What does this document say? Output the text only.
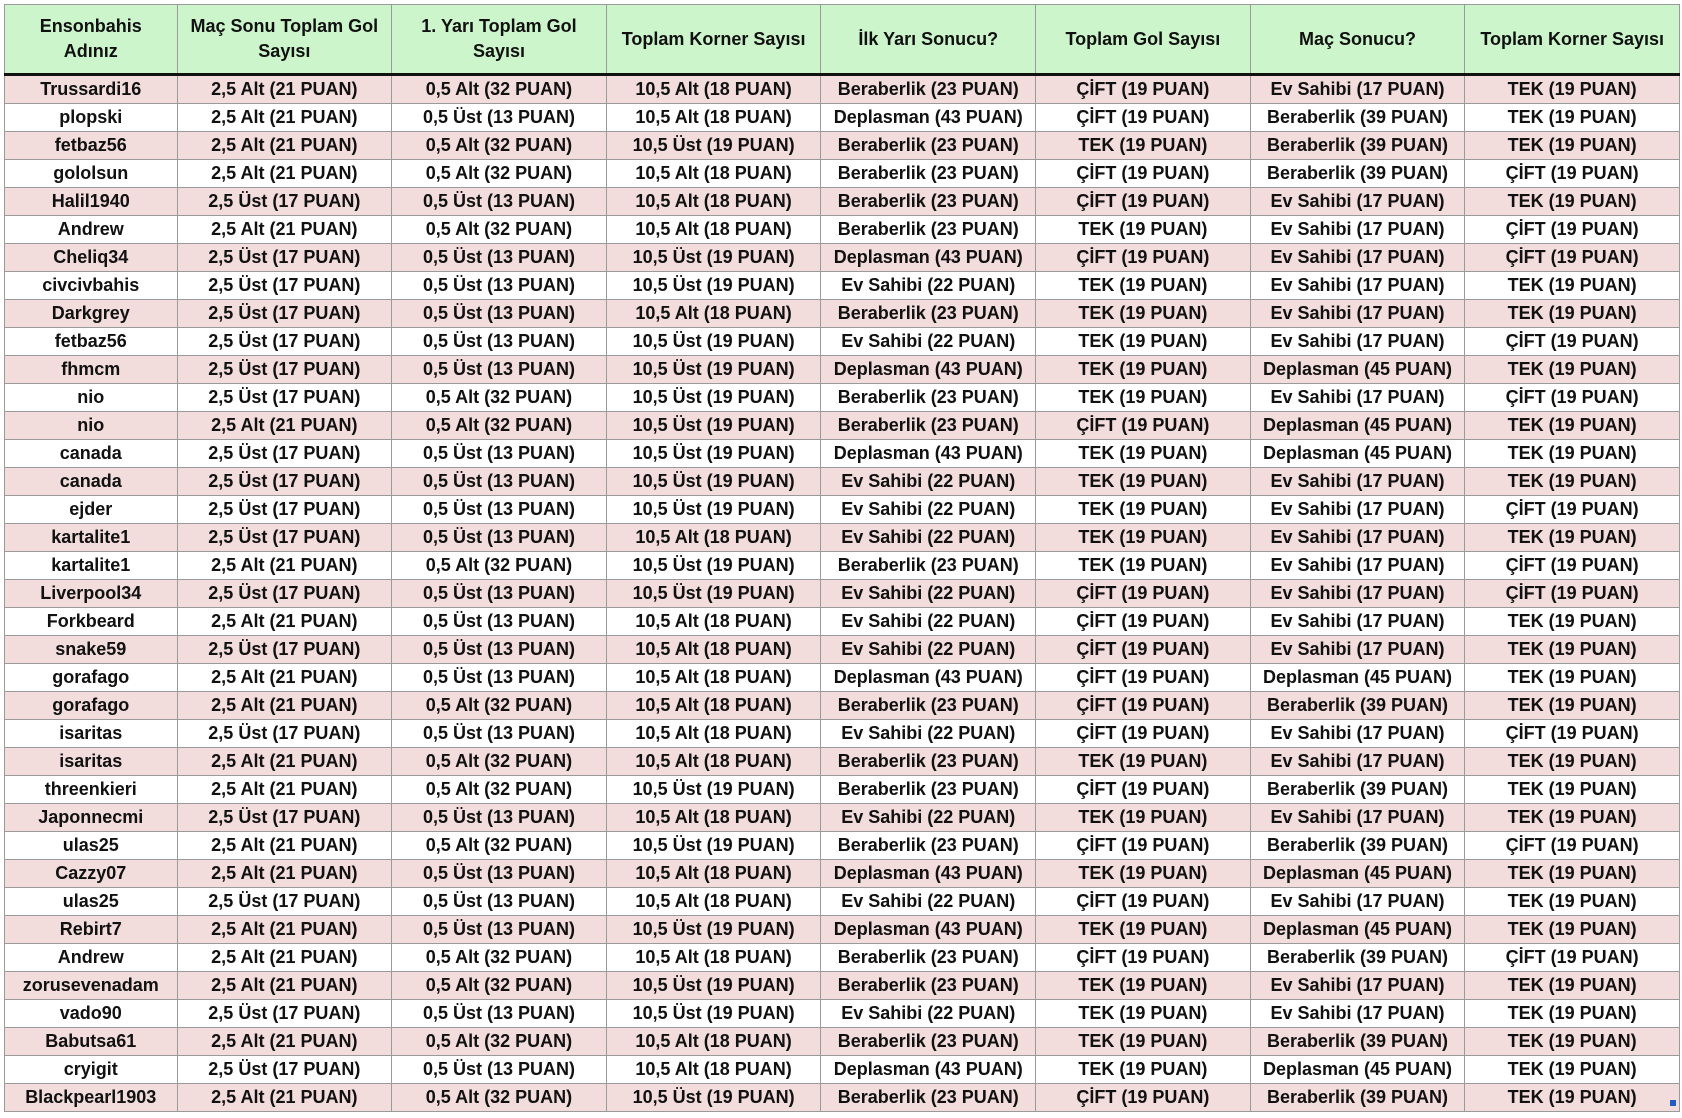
Ensonbahis Adınız	Maç Sonu Toplam Gol Sayısı	1. Yarı Toplam Gol Sayısı	Toplam Korner Sayısı	İlk Yarı Sonucu?	Toplam Gol Sayısı	Maç Sonucu?	Toplam Korner Sayısı
Trussardi16	2,5 Alt (21 PUAN)	0,5 Alt (32 PUAN)	10,5 Alt (18 PUAN)	Beraberlik (23 PUAN)	ÇİFT (19 PUAN)	Ev Sahibi (17 PUAN)	TEK (19 PUAN)
plopski	2,5 Alt (21 PUAN)	0,5 Üst (13 PUAN)	10,5 Alt (18 PUAN)	Deplasman (43 PUAN)	ÇİFT (19 PUAN)	Beraberlik (39 PUAN)	TEK (19 PUAN)
fetbaz56	2,5 Alt (21 PUAN)	0,5 Alt (32 PUAN)	10,5 Üst (19 PUAN)	Beraberlik (23 PUAN)	TEK (19 PUAN)	Beraberlik (39 PUAN)	TEK (19 PUAN)
gololsun	2,5 Alt (21 PUAN)	0,5 Alt (32 PUAN)	10,5 Alt (18 PUAN)	Beraberlik (23 PUAN)	ÇİFT (19 PUAN)	Beraberlik (39 PUAN)	ÇİFT (19 PUAN)
Halil1940	2,5 Üst (17 PUAN)	0,5 Üst (13 PUAN)	10,5 Alt (18 PUAN)	Beraberlik (23 PUAN)	ÇİFT (19 PUAN)	Ev Sahibi (17 PUAN)	TEK (19 PUAN)
Andrew	2,5 Alt (21 PUAN)	0,5 Alt (32 PUAN)	10,5 Alt (18 PUAN)	Beraberlik (23 PUAN)	TEK (19 PUAN)	Ev Sahibi (17 PUAN)	ÇİFT (19 PUAN)
Cheliq34	2,5 Üst (17 PUAN)	0,5 Üst (13 PUAN)	10,5 Üst (19 PUAN)	Deplasman (43 PUAN)	ÇİFT (19 PUAN)	Ev Sahibi (17 PUAN)	ÇİFT (19 PUAN)
civcivbahis	2,5 Üst (17 PUAN)	0,5 Üst (13 PUAN)	10,5 Üst (19 PUAN)	Ev Sahibi (22 PUAN)	TEK (19 PUAN)	Ev Sahibi (17 PUAN)	TEK (19 PUAN)
Darkgrey	2,5 Üst (17 PUAN)	0,5 Üst (13 PUAN)	10,5 Alt (18 PUAN)	Beraberlik (23 PUAN)	TEK (19 PUAN)	Ev Sahibi (17 PUAN)	TEK (19 PUAN)
fetbaz56	2,5 Üst (17 PUAN)	0,5 Üst (13 PUAN)	10,5 Üst (19 PUAN)	Ev Sahibi (22 PUAN)	TEK (19 PUAN)	Ev Sahibi (17 PUAN)	ÇİFT (19 PUAN)
fhmcm	2,5 Üst (17 PUAN)	0,5 Üst (13 PUAN)	10,5 Üst (19 PUAN)	Deplasman (43 PUAN)	TEK (19 PUAN)	Deplasman (45 PUAN)	TEK (19 PUAN)
nio	2,5 Üst (17 PUAN)	0,5 Alt (32 PUAN)	10,5 Üst (19 PUAN)	Beraberlik (23 PUAN)	TEK (19 PUAN)	Ev Sahibi (17 PUAN)	ÇİFT (19 PUAN)
nio	2,5 Alt (21 PUAN)	0,5 Alt (32 PUAN)	10,5 Üst (19 PUAN)	Beraberlik (23 PUAN)	ÇİFT (19 PUAN)	Deplasman (45 PUAN)	TEK (19 PUAN)
canada	2,5 Üst (17 PUAN)	0,5 Üst (13 PUAN)	10,5 Üst (19 PUAN)	Deplasman (43 PUAN)	TEK (19 PUAN)	Deplasman (45 PUAN)	TEK (19 PUAN)
canada	2,5 Üst (17 PUAN)	0,5 Üst (13 PUAN)	10,5 Üst (19 PUAN)	Ev Sahibi (22 PUAN)	TEK (19 PUAN)	Ev Sahibi (17 PUAN)	TEK (19 PUAN)
ejder	2,5 Üst (17 PUAN)	0,5 Üst (13 PUAN)	10,5 Üst (19 PUAN)	Ev Sahibi (22 PUAN)	TEK (19 PUAN)	Ev Sahibi (17 PUAN)	ÇİFT (19 PUAN)
kartalite1	2,5 Üst (17 PUAN)	0,5 Üst (13 PUAN)	10,5 Alt (18 PUAN)	Ev Sahibi (22 PUAN)	TEK (19 PUAN)	Ev Sahibi (17 PUAN)	TEK (19 PUAN)
kartalite1	2,5 Alt (21 PUAN)	0,5 Alt (32 PUAN)	10,5 Üst (19 PUAN)	Beraberlik (23 PUAN)	TEK (19 PUAN)	Ev Sahibi (17 PUAN)	ÇİFT (19 PUAN)
Liverpool34	2,5 Üst (17 PUAN)	0,5 Üst (13 PUAN)	10,5 Üst (19 PUAN)	Ev Sahibi (22 PUAN)	ÇİFT (19 PUAN)	Ev Sahibi (17 PUAN)	ÇİFT (19 PUAN)
Forkbeard	2,5 Alt (21 PUAN)	0,5 Üst (13 PUAN)	10,5 Alt (18 PUAN)	Ev Sahibi (22 PUAN)	ÇİFT (19 PUAN)	Ev Sahibi (17 PUAN)	TEK (19 PUAN)
snake59	2,5 Üst (17 PUAN)	0,5 Üst (13 PUAN)	10,5 Alt (18 PUAN)	Ev Sahibi (22 PUAN)	ÇİFT (19 PUAN)	Ev Sahibi (17 PUAN)	TEK (19 PUAN)
gorafago	2,5 Alt (21 PUAN)	0,5 Üst (13 PUAN)	10,5 Alt (18 PUAN)	Deplasman (43 PUAN)	ÇİFT (19 PUAN)	Deplasman (45 PUAN)	TEK (19 PUAN)
gorafago	2,5 Alt (21 PUAN)	0,5 Alt (32 PUAN)	10,5 Alt (18 PUAN)	Beraberlik (23 PUAN)	ÇİFT (19 PUAN)	Beraberlik (39 PUAN)	TEK (19 PUAN)
isaritas	2,5 Üst (17 PUAN)	0,5 Üst (13 PUAN)	10,5 Alt (18 PUAN)	Ev Sahibi (22 PUAN)	ÇİFT (19 PUAN)	Ev Sahibi (17 PUAN)	ÇİFT (19 PUAN)
isaritas	2,5 Alt (21 PUAN)	0,5 Alt (32 PUAN)	10,5 Alt (18 PUAN)	Beraberlik (23 PUAN)	TEK (19 PUAN)	Ev Sahibi (17 PUAN)	TEK (19 PUAN)
threenkieri	2,5 Alt (21 PUAN)	0,5 Alt (32 PUAN)	10,5 Üst (19 PUAN)	Beraberlik (23 PUAN)	ÇİFT (19 PUAN)	Beraberlik (39 PUAN)	TEK (19 PUAN)
Japonnecmi	2,5 Üst (17 PUAN)	0,5 Üst (13 PUAN)	10,5 Alt (18 PUAN)	Ev Sahibi (22 PUAN)	TEK (19 PUAN)	Ev Sahibi (17 PUAN)	TEK (19 PUAN)
ulas25	2,5 Alt (21 PUAN)	0,5 Alt (32 PUAN)	10,5 Üst (19 PUAN)	Beraberlik (23 PUAN)	ÇİFT (19 PUAN)	Beraberlik (39 PUAN)	ÇİFT (19 PUAN)
Cazzy07	2,5 Alt (21 PUAN)	0,5 Üst (13 PUAN)	10,5 Alt (18 PUAN)	Deplasman (43 PUAN)	TEK (19 PUAN)	Deplasman (45 PUAN)	TEK (19 PUAN)
ulas25	2,5 Üst (17 PUAN)	0,5 Üst (13 PUAN)	10,5 Alt (18 PUAN)	Ev Sahibi (22 PUAN)	ÇİFT (19 PUAN)	Ev Sahibi (17 PUAN)	TEK (19 PUAN)
Rebirt7	2,5 Alt (21 PUAN)	0,5 Üst (13 PUAN)	10,5 Üst (19 PUAN)	Deplasman (43 PUAN)	TEK (19 PUAN)	Deplasman (45 PUAN)	TEK (19 PUAN)
Andrew	2,5 Alt (21 PUAN)	0,5 Alt (32 PUAN)	10,5 Alt (18 PUAN)	Beraberlik (23 PUAN)	ÇİFT (19 PUAN)	Beraberlik (39 PUAN)	ÇİFT (19 PUAN)
zorusevenadam	2,5 Alt (21 PUAN)	0,5 Alt (32 PUAN)	10,5 Üst (19 PUAN)	Beraberlik (23 PUAN)	TEK (19 PUAN)	Ev Sahibi (17 PUAN)	TEK (19 PUAN)
vado90	2,5 Üst (17 PUAN)	0,5 Üst (13 PUAN)	10,5 Üst (19 PUAN)	Ev Sahibi (22 PUAN)	TEK (19 PUAN)	Ev Sahibi (17 PUAN)	TEK (19 PUAN)
Babutsa61	2,5 Alt (21 PUAN)	0,5 Alt (32 PUAN)	10,5 Alt (18 PUAN)	Beraberlik (23 PUAN)	TEK (19 PUAN)	Beraberlik (39 PUAN)	TEK (19 PUAN)
cryigit	2,5 Üst (17 PUAN)	0,5 Üst (13 PUAN)	10,5 Alt (18 PUAN)	Deplasman (43 PUAN)	TEK (19 PUAN)	Deplasman (45 PUAN)	TEK (19 PUAN)
Blackpearl1903	2,5 Alt (21 PUAN)	0,5 Alt (32 PUAN)	10,5 Üst (19 PUAN)	Beraberlik (23 PUAN)	ÇİFT (19 PUAN)	Beraberlik (39 PUAN)	TEK (19 PUAN)
